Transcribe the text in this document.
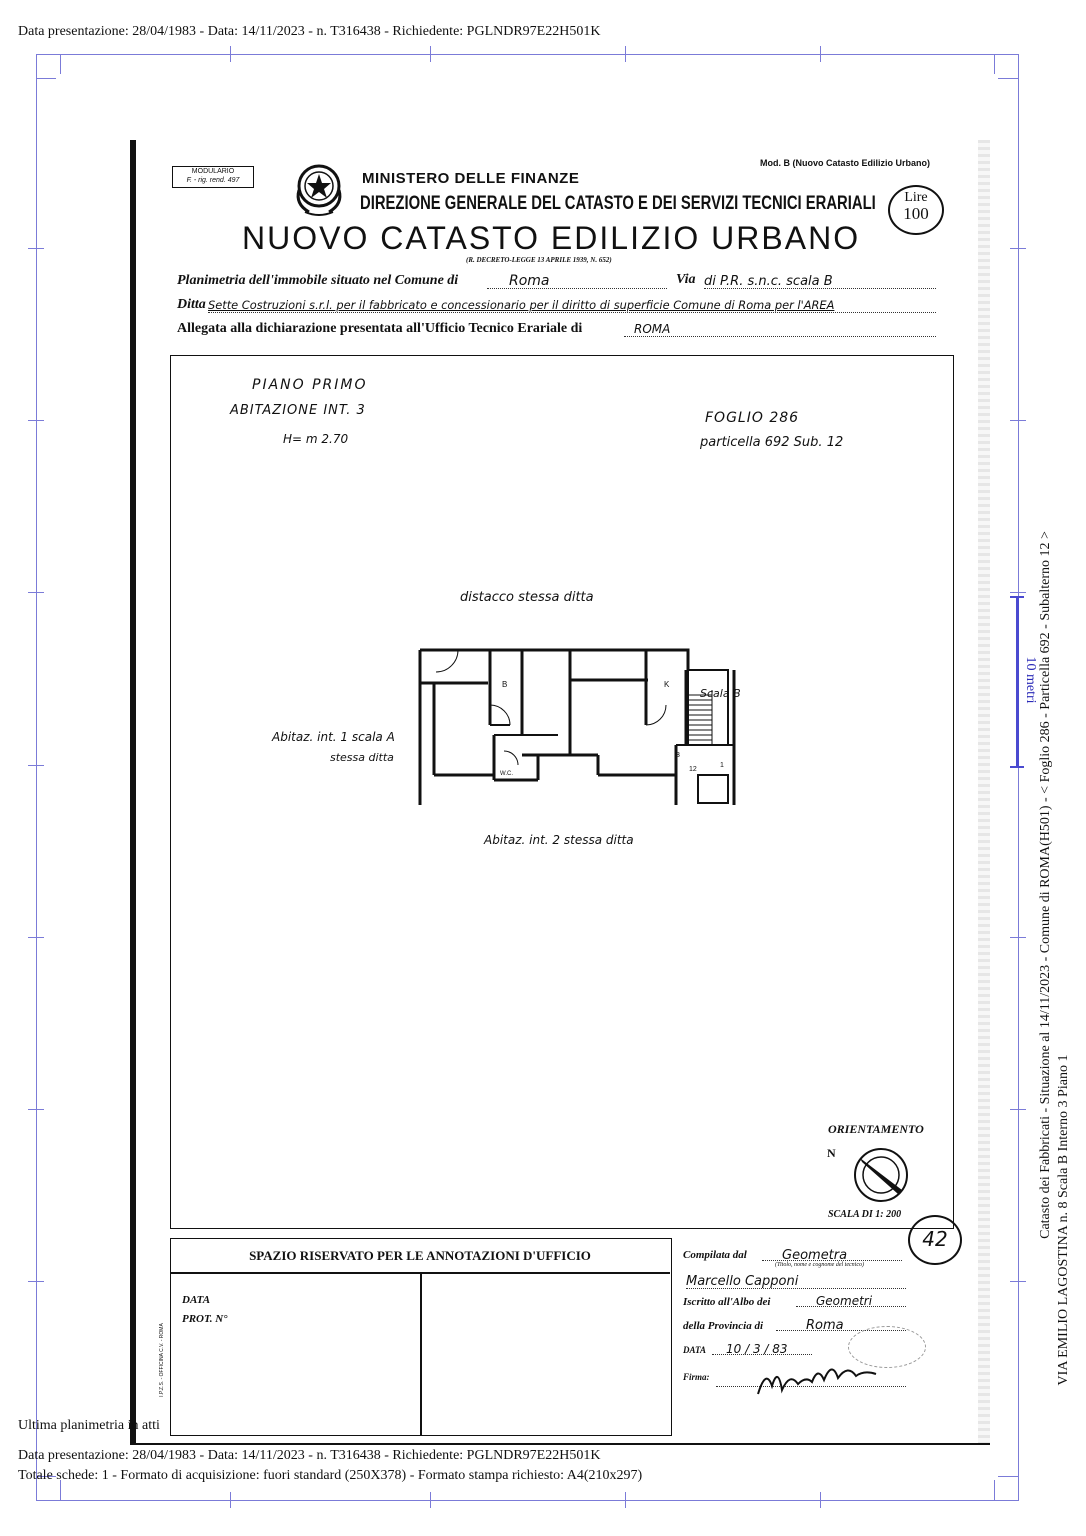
Data presentazione: 28/04/1983 - Data: 14/11/2023 - n. T316438 - Richiedente: PGLNDR97E22H501K
10 metri Catasto dei Fabbricati - Situazione al 14/11/2023 - Comune di ROMA(H501) - < Foglio 286 - Particella 692 - Subalterno 12 > VIA EMILIO LAGOSTINA n. 8 Scala B Interno 3 Piano 1
MODULARIO
F. - rig. rend. 497
Mod. B (Nuovo Catasto Edilizio Urbano)
MINISTERO DELLE FINANZE
DIREZIONE GENERALE DEL CATASTO E DEI SERVIZI TECNICI ERARIALI	Lire
100
NUOVO CATASTO EDILIZIO URBANO
(R. DECRETO-LEGGE 13 APRILE 1939, N. 652)
Planimetria dell'immobile situato nel Comune di	Roma	Via di P.R. s.n.c. scala B
Ditta Sette Costruzioni s.r.l. per il fabbricato e concessionario per il diritto di superficie Comune di Roma per l'AREA
Allegata alla dichiarazione presentata all'Ufficio Tecnico Erariale di	ROMA
PIANO PRIMO
ABITAZIONE INT. 3
H= m 2.70
FOGLIO 286
particella 692 Sub. 12
distacco stessa ditta
Abitaz. int. 1 scala A
stessa ditta
Abitaz. int. 2 stessa ditta
B	K
W.C.
Scala B
3
12
1
ORIENTAMENTO
N
SCALA DI 1: 200
42
SPAZIO RISERVATO PER LE ANNOTAZIONI D'UFFICIO
DATA
PROT. N°
I.P.Z.S. - OFFICINA C.V. - ROMA
Compilata dal	Geometra
(Titolo, nome e cognome del tecnico)
Marcello Capponi
Iscritto all'Albo dei	Geometri
della Provincia di	Roma
DATA	10 / 3 / 83
Firma:
Ultima planimetria in atti
Data presentazione: 28/04/1983 - Data: 14/11/2023 - n. T316438 - Richiedente: PGLNDR97E22H501K
Totale schede: 1 - Formato di acquisizione: fuori standard (250X378) - Formato stampa richiesto: A4(210x297)
